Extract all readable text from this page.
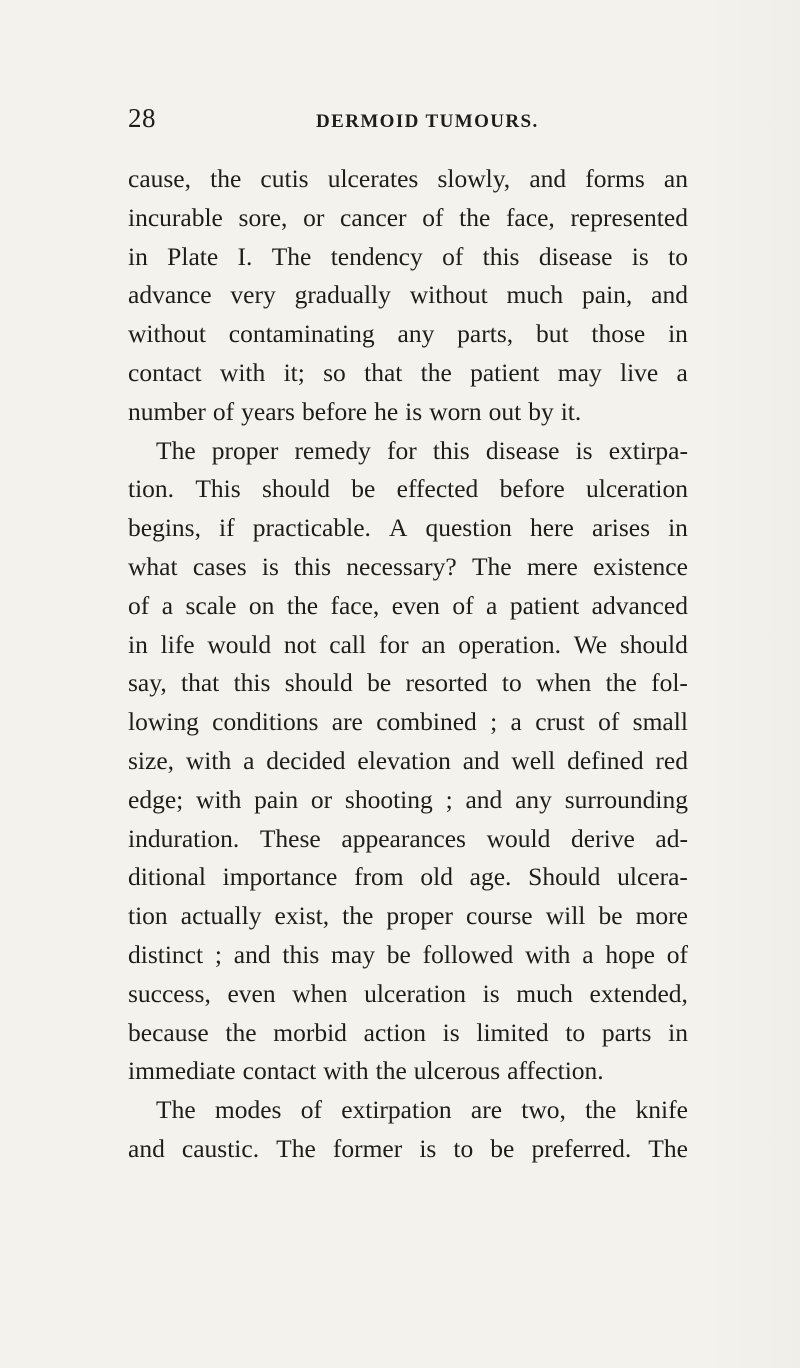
28	DERMOID TUMOURS.
cause, the cutis ulcerates slowly, and forms an
incurable sore, or cancer of the face, represented
in Plate I. The tendency of this disease is to
advance very gradually without much pain, and
without contaminating any parts, but those in
contact with it; so that the patient may live a
number of years before he is worn out by it.
The proper remedy for this disease is extirpa-
tion. This should be effected before ulceration
begins, if practicable. A question here arises in
what cases is this necessary? The mere existence
of a scale on the face, even of a patient advanced
in life would not call for an operation. We should
say, that this should be resorted to when the fol-
lowing conditions are combined ; a crust of small
size, with a decided elevation and well defined red
edge; with pain or shooting ; and any surrounding
induration. These appearances would derive ad-
ditional importance from old age. Should ulcera-
tion actually exist, the proper course will be more
distinct ; and this may be followed with a hope of
success, even when ulceration is much extended,
because the morbid action is limited to parts in
immediate contact with the ulcerous affection.
The modes of extirpation are two, the knife
and caustic. The former is to be preferred. The
